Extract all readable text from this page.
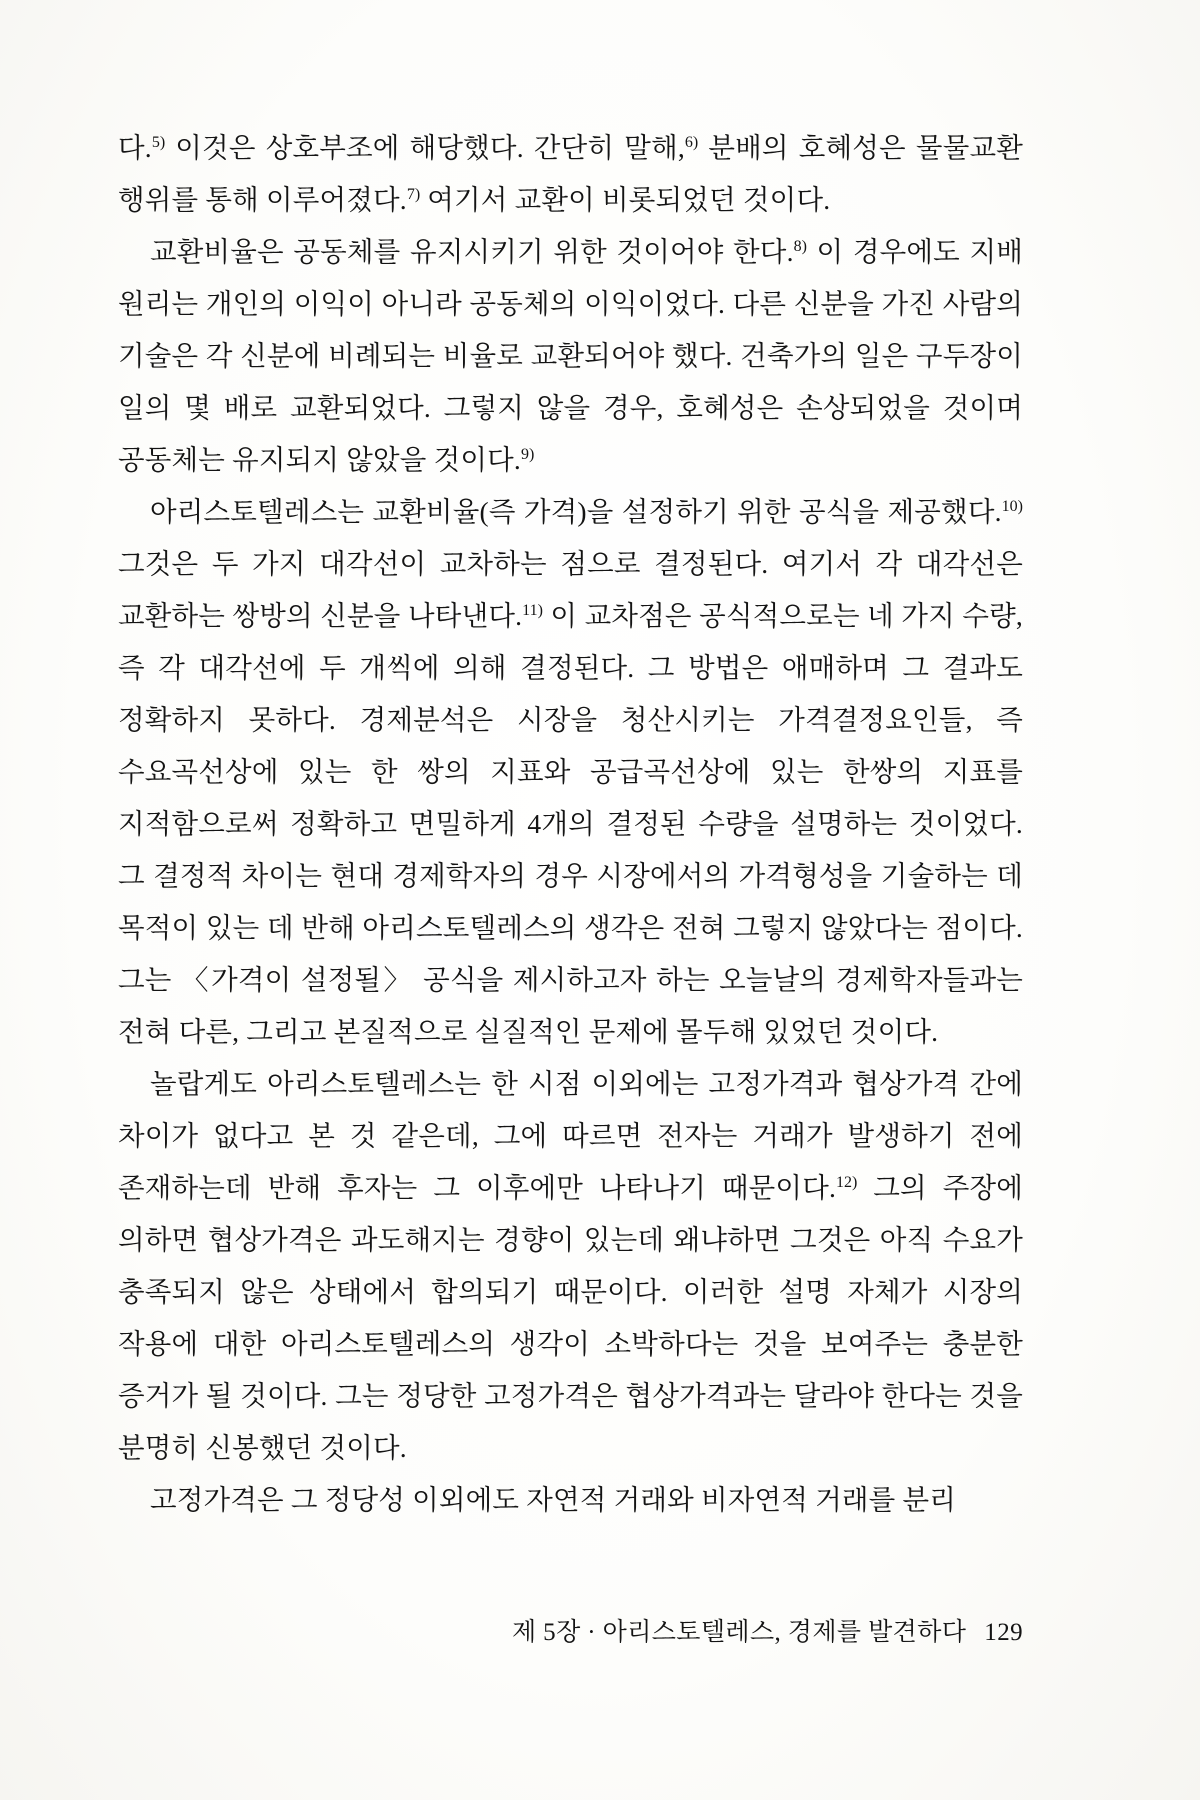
다.$^{5)}$ 이것은 상호부조에 해당했다. 간단히 말해,$^{6)}$ 분배의 호혜성은 물물교환 행위를 통해 이루어졌다.$^{7)}$ 여기서 교환이 비롯되었던 것이다.

교환비율은 공동체를 유지시키기 위한 것이어야 한다.$^{8)}$ 이 경우에도 지배 원리는 개인의 이익이 아니라 공동체의 이익이었다. 다른 신분을 가진 사람의 기술은 각 신분에 비례되는 비율로 교환되어야 했다. 건축가의 일은 구두장이 일의 몇 배로 교환되었다. 그렇지 않을 경우, 호혜성은 손상되었을 것이며 공동체는 유지되지 않았을 것이다.$^{9)}$

아리스토텔레스는 교환비율(즉 가격)을 설정하기 위한 공식을 제공했다.$^{10)}$ 그것은 두 가지 대각선이 교차하는 점으로 결정된다. 여기서 각 대각선은 교환하는 쌍방의 신분을 나타낸다.$^{11)}$ 이 교차점은 공식적으로는 네 가지 수량, 즉 각 대각선에 두 개씩에 의해 결정된다. 그 방법은 애매하며 그 결과도 정확하지 못하다. 경제분석은 시장을 청산시키는 가격결정요인들, 즉 수요곡선상에 있는 한 쌍의 지표와 공급곡선상에 있는 한쌍의 지표를 지적함으로써 정확하고 면밀하게 4개의 결정된 수량을 설명하는 것이었다. 그 결정적 차이는 현대 경제학자의 경우 시장에서의 가격형성을 기술하는 데 목적이 있는 데 반해 아리스토텔레스의 생각은 전혀 그렇지 않았다는 점이다. 그는 〈가격이 설정될〉 공식을 제시하고자 하는 오늘날의 경제학자들과는 전혀 다른, 그리고 본질적으로 실질적인 문제에 몰두해 있었던 것이다.

놀랍게도 아리스토텔레스는 한 시점 이외에는 고정가격과 협상가격 간에 차이가 없다고 본 것 같은데, 그에 따르면 전자는 거래가 발생하기 전에 존재하는데 반해 후자는 그 이후에만 나타나기 때문이다.$^{12)}$ 그의 주장에 의하면 협상가격은 과도해지는 경향이 있는데 왜냐하면 그것은 아직 수요가 충족되지 않은 상태에서 합의되기 때문이다. 이러한 설명 자체가 시장의 작용에 대한 아리스토텔레스의 생각이 소박하다는 것을 보여주는 충분한 증거가 될 것이다. 그는 정당한 고정가격은 협상가격과는 달라야 한다는 것을 분명히 신봉했던 것이다.

고정가격은 그 정당성 이외에도 자연적 거래와 비자연적 거래를 분리

제 5장 · 아리스토텔레스, 경제를 발견하다 129
